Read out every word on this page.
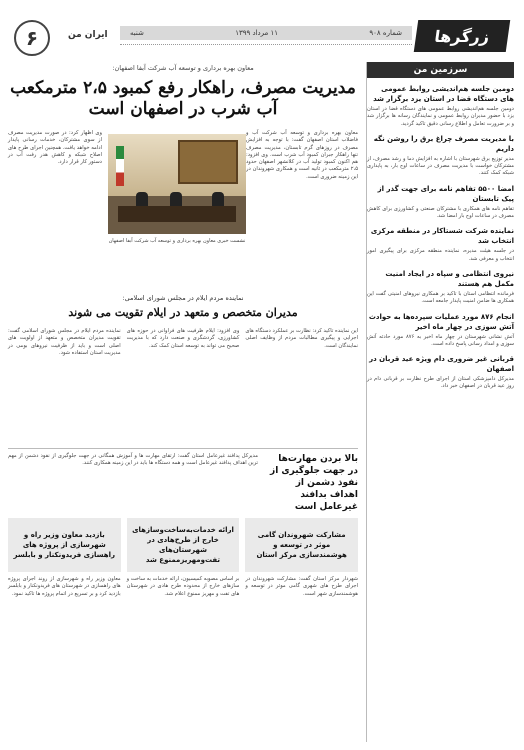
۶	ایران من	شماره ۹۰۸
۱۱ مرداد ۱۳۹۹
شنبه	زرگرها
سرزمین من
دومین جلسه هم‌اندیشی روابط عمومی های دستگاه قضا در استان یزد برگزار شد
دومین جلسه هم‌اندیشی روابط عمومی های دستگاه قضا در استان یزد با حضور مدیران روابط عمومی و نمایندگان رسانه ها برگزار شد و بر ضرورت تعامل و اطلاع رسانی دقیق تاکید گردید.
با مدیریت مصرف چراغ برق را روشن نگه داریم
مدیر توزیع برق شهرستان با اشاره به افزایش دما و رشد مصرف، از مشترکان خواست با مدیریت مصرف در ساعات اوج بار، به پایداری شبکه کمک کنند.
امضا ۵۵۰۰ تفاهم نامه برای جهت گذر از پیک تابستان
تفاهم نامه های همکاری با مشترکان صنعتی و کشاورزی برای کاهش مصرف در ساعات اوج بار امضا شد.
نماینده شرکت شستاکار در منطقه مرکزی انتخاب شد
در جلسه هیئت مدیره، نماینده منطقه مرکزی برای پیگیری امور انتخاب و معرفی شد.
نیروی انتظامی و سپاه در ایجاد امنیت مکمل هم هستند
فرمانده انتظامی استان با تاکید بر همکاری نیروهای امنیتی گفت این همکاری ها ضامن امنیت پایدار جامعه است.
انجام ۸۷۶ مورد عملیات سپرده‌ها به حوادث آتش سوزی در چهار ماه اخیر
آتش نشانی شهرستان در چهار ماه اخیر به ۸۷۶ مورد حادثه آتش سوزی و امداد رسانی پاسخ داده است.
قربانی غیر ضروری دام ویژه عید قربان در اصفهان
مدیرکل دامپزشکی استان از اجرای طرح نظارت بر قربانی دام در روز عید قربان در اصفهان خبر داد.
معاون بهره برداری و توسعه آب شرکت آبفا اصفهان:
مدیریت مصرف، راهکار رفع کمبود ۲،۵ مترمکعب آب شرب در اصفهان است
معاون بهره برداری و توسعه آب شرکت آب و فاضلاب استان اصفهان گفت: با توجه به افزایش مصرف در روزهای گرم تابستان، مدیریت مصرف تنها راهکار جبران کمبود آب شرب است. وی افزود: هم اکنون کمبود تولید آب در کلانشهر اصفهان حدود ۲،۵ مترمکعب در ثانیه است و همکاری شهروندان در این زمینه ضروری است.
نشست خبری معاون بهره برداری و توسعه آب شرکت آبفا اصفهان
وی اظهار کرد: در صورت مدیریت مصرف از سوی مشترکان، خدمات رسانی پایدار ادامه خواهد یافت. همچنین اجرای طرح های اصلاح شبکه و کاهش هدر رفت آب در دستور کار قرار دارد.
نماینده مردم ایلام در مجلس شورای اسلامی:
مدیران متخصص و متعهد در ایلام تقویت می شوند
این نماینده تاکید کرد: نظارت بر عملکرد دستگاه های اجرایی و پیگیری مطالبات مردم از وظایف اصلی نمایندگان است.
وی افزود: ایلام ظرفیت های فراوانی در حوزه های کشاورزی، گردشگری و صنعت دارد که با مدیریت صحیح می تواند به توسعه استان کمک کند.
نماینده مردم ایلام در مجلس شورای اسلامی گفت: تقویت مدیران متخصص و متعهد از اولویت های اصلی است و باید از ظرفیت نیروهای بومی در مدیریت استان استفاده شود.
بالا بردن مهارت‌ها در جهت جلوگیری از نفوذ دشمن از اهداف بدافند غیرعامل است
مدیرکل پدافند غیرعامل استان گفت: ارتقای مهارت ها و آموزش همگانی در جهت جلوگیری از نفوذ دشمن از مهم ترین اهداف پدافند غیرعامل است و همه دستگاه ها باید در این زمینه همکاری کنند.
مشارکت شهروندان گامی موثر در توسعه و هوشمندسازی مرکز استان
شهردار مرکز استان گفت: مشارکت شهروندان در اجرای طرح های شهری گامی موثر در توسعه و هوشمندسازی شهر است.
ارائه خدمات‌به‌ساخت‌وسازهای خارج از طرح‌هادی در شهرستان‌های تفت‌ومهریزممنوع شد
بر اساس مصوبه کمیسیون، ارائه خدمات به ساخت و سازهای خارج از محدوده طرح هادی در شهرستان های تفت و مهریز ممنوع اعلام شد.
بازدید معاون وزیر راه و شهرسازی از پروژه های راهسازی فریدونکنار و بابلسر
معاون وزیر راه و شهرسازی از روند اجرای پروژه های راهسازی در شهرستان های فریدونکنار و بابلسر بازدید کرد و بر تسریع در اتمام پروژه ها تاکید نمود.
